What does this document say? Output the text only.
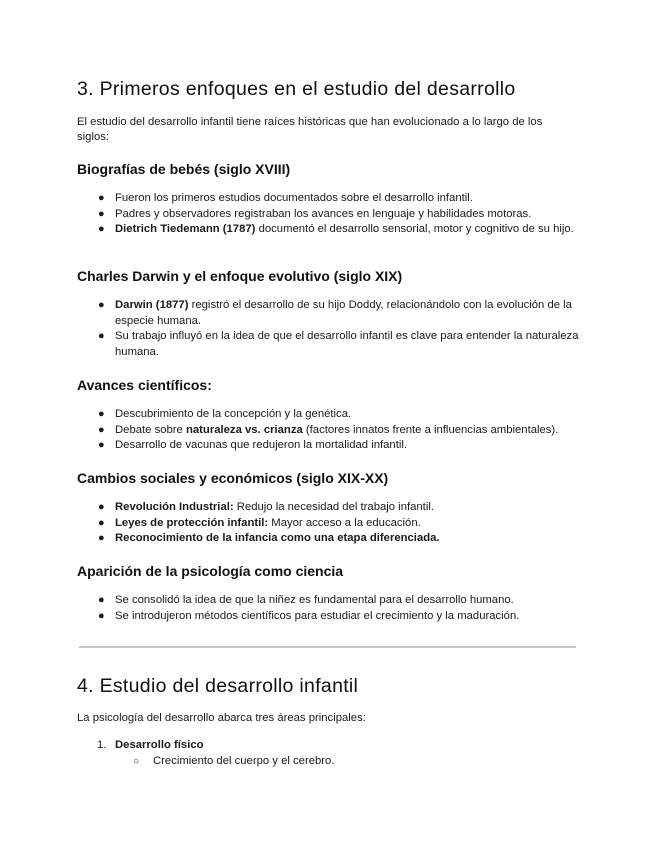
3. Primeros enfoques en el estudio del desarrollo

El estudio del desarrollo infantil tiene raíces históricas que han evolucionado a lo largo de los siglos:

Biografías de bebés (siglo XVIII)
● Fueron los primeros estudios documentados sobre el desarrollo infantil.
● Padres y observadores registraban los avances en lenguaje y habilidades motoras.
● Dietrich Tiedemann (1787) documentó el desarrollo sensorial, motor y cognitivo de su hijo.
Charles Darwin y el enfoque evolutivo (siglo XIX)
● Darwin (1877) registró el desarrollo de su hijo Doddy, relacionándolo con la evolución de la especie humana.
● Su trabajo influyó en la idea de que el desarrollo infantil es clave para entender la naturaleza humana.
Avances científicos:
● Descubrimiento de la concepción y la genética.
● Debate sobre naturaleza vs. crianza (factores innatos frente a influencias ambientales).
● Desarrollo de vacunas que redujeron la mortalidad infantil.
Cambios sociales y económicos (siglo XIX-XX)
● Revolución Industrial: Redujo la necesidad del trabajo infantil.
● Leyes de protección infantil: Mayor acceso a la educación.
● Reconocimiento de la infancia como una etapa diferenciada.
Aparición de la psicología como ciencia
● Se consolidó la idea de que la niñez es fundamental para el desarrollo humano.
● Se introdujeron métodos científicos para estudiar el crecimiento y la maduración.
4. Estudio del desarrollo infantil

La psicología del desarrollo abarca tres áreas principales:

1. Desarrollo físico
○ Crecimiento del cuerpo y el cerebro.
